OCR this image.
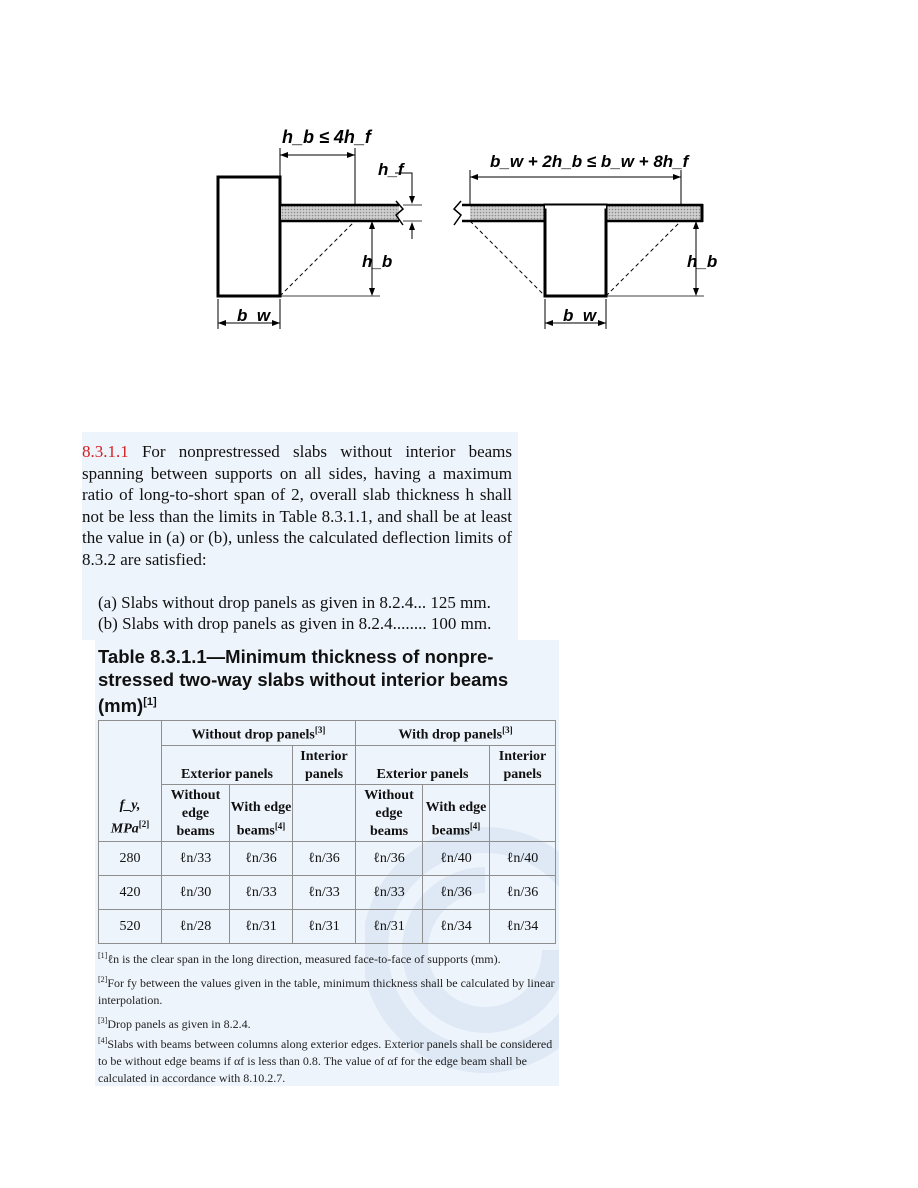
h_b ≤ 4h_f
h_f
h_b
b_w
b_w + 2h_b ≤ b_w + 8h_f
h_b
b_w

8.3.1.1 For nonprestressed slabs without interior beams spanning between supports on all sides, having a maximum ratio of long-to-short span of 2, overall slab thickness h shall not be less than the limits in Table 8.3.1.1, and shall be at least the value in (a) or (b), unless the calculated deflection limits of 8.3.2 are satisfied:

(a) Slabs without drop panels as given in 8.2.4... 125 mm.

(b) Slabs with drop panels as given in 8.2.4........ 100 mm.

Table 8.3.1.1—Minimum thickness of nonpre-stressed two-way slabs without interior beams (mm)[1]
f_y, MPa[2]	Without drop panels[3]			With drop panels[3]
	Exterior panels		Interior panels	Exterior panels		Interior panels
	Without edge beams	With edge beams[4]		Without edge beams	With edge beams[4]	
280	ℓn/33	ℓn/36	ℓn/36	ℓn/36	ℓn/40	ℓn/40
420	ℓn/30	ℓn/33	ℓn/33	ℓn/33	ℓn/36	ℓn/36
520	ℓn/28	ℓn/31	ℓn/31	ℓn/31	ℓn/34	ℓn/34

[1]ℓn is the clear span in the long direction, measured face-to-face of supports (mm).

[2]For fy between the values given in the table, minimum thickness shall be calculated by linear interpolation.

[3]Drop panels as given in 8.2.4.

[4]Slabs with beams between columns along exterior edges. Exterior panels shall be considered to be without edge beams if αf is less than 0.8. The value of αf for the edge beam shall be calculated in accordance with 8.10.2.7.
